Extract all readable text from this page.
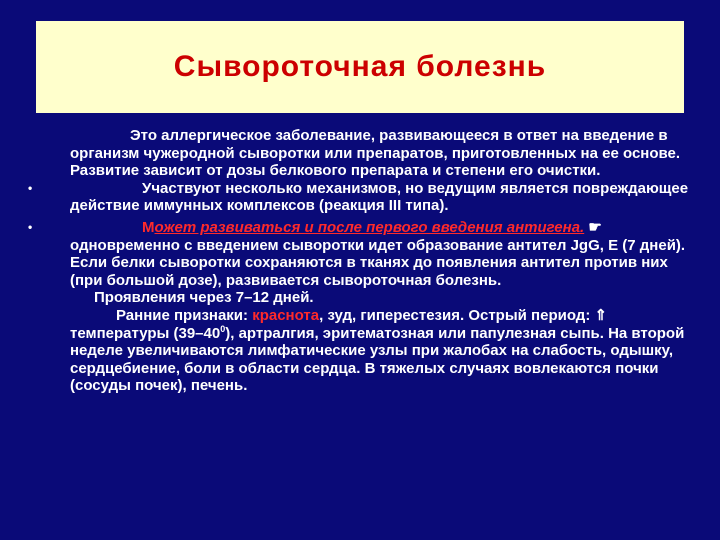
Сывороточная болезнь
Это аллергическое заболевание, развивающееся в ответ на введение в организм чужеродной сыворотки или препаратов, приготовленных на ее основе. Развитие зависит от дозы белкового препарата и степени его очистки.
•	Участвуют несколько механизмов, но ведущим является повреждающее действие иммунных комплексов (реакция III типа).
•	Может развиваться и после первого введения антигена. ☛ одновременно с введением сыворотки идет образование антител JgG, Е (7 дней). Если белки сыворотки сохраняются в тканях до появления антител против них (при большой дозе), развивается сывороточная болезнь.
Проявления через 7–12 дней.
Ранние признаки: краснота, зуд, гиперестезия. Острый период: ⇑ температуры $(39-40^0)$, артралгия, эритематозная или папулезная сыпь. На второй неделе увеличиваются лимфатические узлы при жалобах на слабость, одышку, сердцебиение, боли в области сердца. В тяжелых случаях вовлекаются почки (сосуды почек), печень.
